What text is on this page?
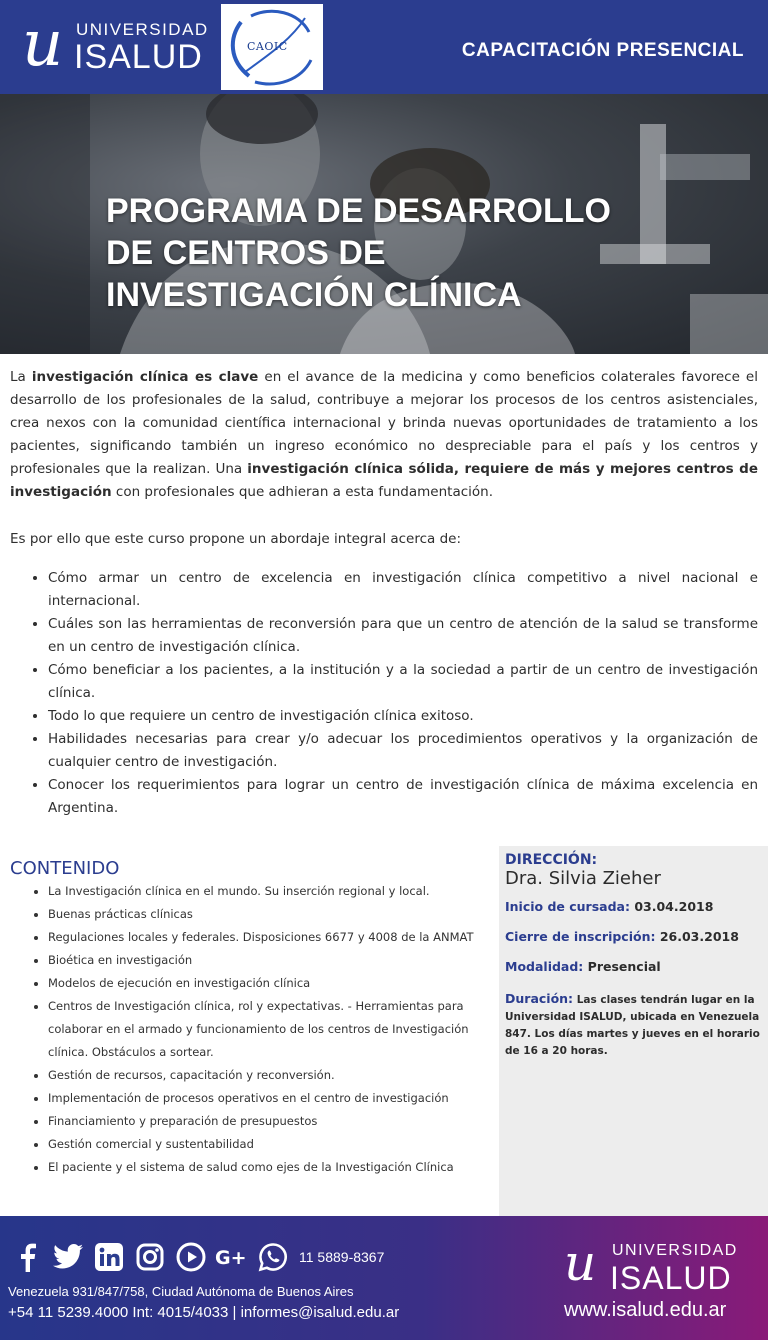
u UNIVERSIDAD
ISALUD	CAOIC	CAPACITACIÓN PRESENCIAL
PROGRAMA DE DESARROLLO
DE CENTROS DE
INVESTIGACIÓN CLÍNICA

La investigación clínica es clave en el avance de la medicina y como beneficios colaterales favorece el desarrollo de los profesionales de la salud, contribuye a mejorar los procesos de los centros asistenciales, crea nexos con la comunidad científica internacional y brinda nuevas oportunidades de tratamiento a los pacientes, significando también un ingreso económico no despreciable para el país y los centros y profesionales que la realizan. Una investigación clínica sólida, requiere de más y mejores centros de investigación con profesionales que adhieran a esta fundamentación.

Es por ello que este curso propone un abordaje integral acerca de:
• Cómo armar un centro de excelencia en investigación clínica competitivo a nivel nacional e internacional.
• Cuáles son las herramientas de reconversión para que un centro de atención de la salud se transforme en un centro de investigación clínica.
• Cómo beneficiar a los pacientes, a la institución y a la sociedad a partir de un centro de investigación clínica.
• Todo lo que requiere un centro de investigación clínica exitoso.
• Habilidades necesarias para crear y/o adecuar los procedimientos operativos y la organización de cualquier centro de investigación.
• Conocer los requerimientos para lograr un centro de investigación clínica de máxima excelencia en Argentina.
CONTENIDO
• La Investigación clínica en el mundo. Su inserción regional y local.
• Buenas prácticas clínicas
• Regulaciones locales y federales. Disposiciones 6677 y 4008 de la ANMAT
• Bioética en investigación
• Modelos de ejecución en investigación clínica
• Centros de Investigación clínica, rol y expectativas. - Herramientas para colaborar en el armado y funcionamiento de los centros de Investigación clínica. Obstáculos a sortear.
• Gestión de recursos, capacitación y reconversión.
• Implementación de procesos operativos en el centro de investigación
• Financiamiento y preparación de presupuestos
• Gestión comercial y sustentabilidad
• El paciente y el sistema de salud como ejes de la Investigación Clínica
DIRECCIÓN:
Dra. Silvia Zieher
Inicio de cursada: 03.04.2018
Cierre de inscripción: 26.03.2018
Modalidad: Presencial
Duración: Las clases tendrán lugar en la Universidad ISALUD, ubicada en Venezuela 847. Los días martes y jueves en el horario de 16 a 20 horas.
G+	11 5889-8367
Venezuela 931/847/758, Ciudad Autónoma de Buenos Aires
+54 11 5239.4000 Int: 4015/4033 | informes@isalud.edu.ar
u UNIVERSIDAD
ISALUD
www.isalud.edu.ar
